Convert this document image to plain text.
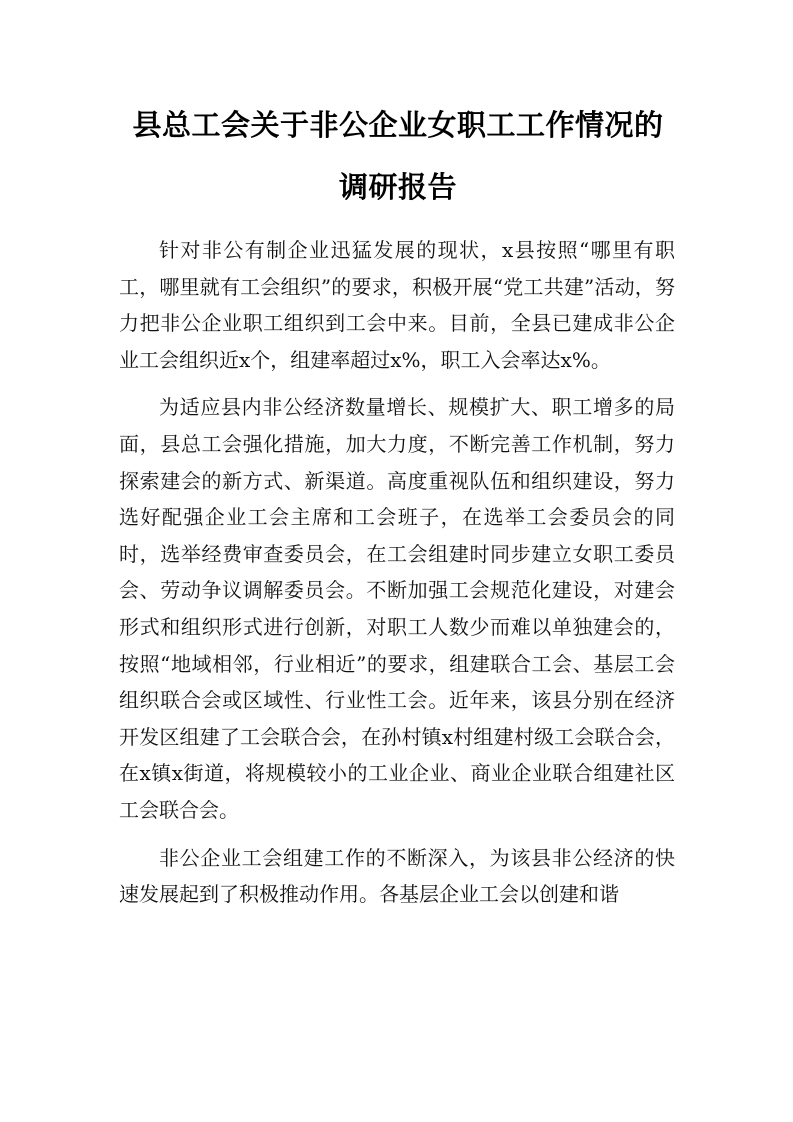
县总工会关于非公企业女职工工作情况的
调研报告

针对非公有制企业迅猛发展的现状，x县按照“哪里有职工，哪里就有工会组织”的要求，积极开展“党工共建”活动，努力把非公企业职工组织到工会中来。目前，全县已建成非公企业工会组织近x个，组建率超过x%，职工入会率达x%。

为适应县内非公经济数量增长、规模扩大、职工增多的局面，县总工会强化措施，加大力度，不断完善工作机制，努力探索建会的新方式、新渠道。高度重视队伍和组织建设，努力选好配强企业工会主席和工会班子，在选举工会委员会的同时，选举经费审查委员会，在工会组建时同步建立女职工委员会、劳动争议调解委员会。不断加强工会规范化建设，对建会形式和组织形式进行创新，对职工人数少而难以单独建会的，按照“地域相邻，行业相近”的要求，组建联合工会、基层工会组织联合会或区域性、行业性工会。近年来，该县分别在经济开发区组建了工会联合会，在孙村镇x村组建村级工会联合会，在x镇x街道，将规模较小的工业企业、商业企业联合组建社区工会联合会。

非公企业工会组建工作的不断深入，为该县非公经济的快速发展起到了积极推动作用。各基层企业工会以创建和谐
